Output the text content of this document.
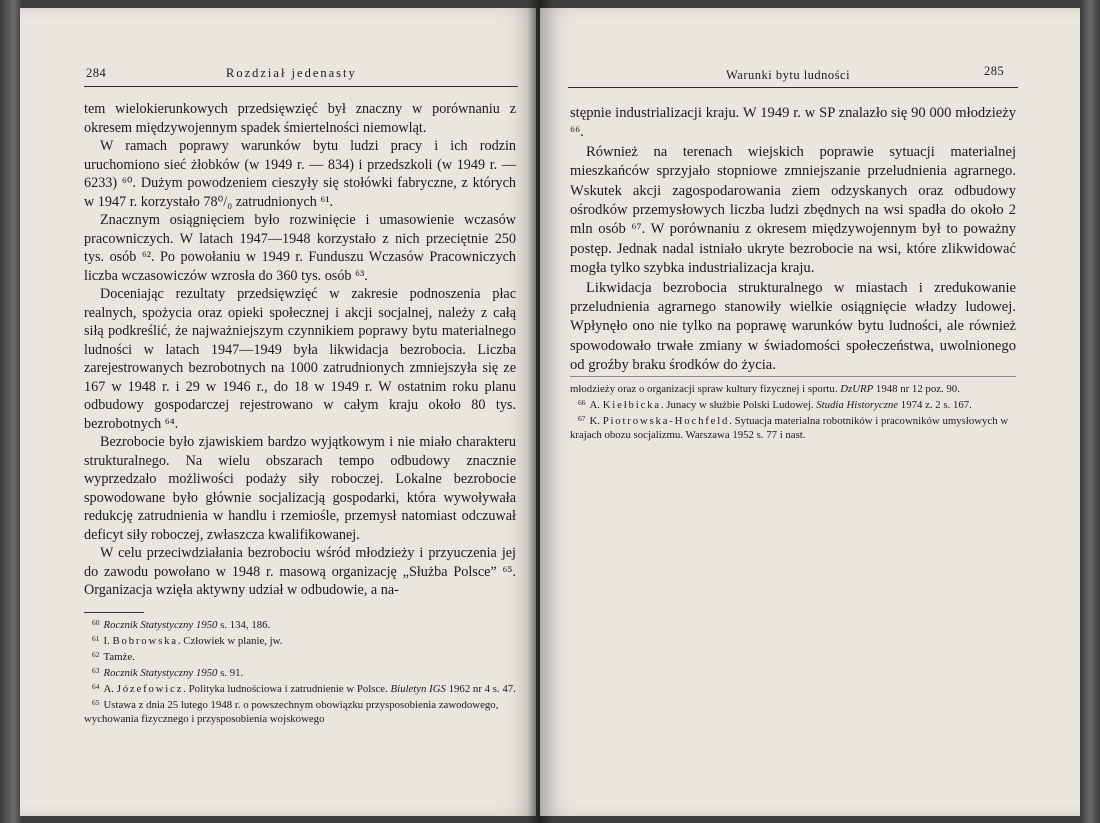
284	Rozdział jedenasty

tem wielokierunkowych przedsięwzięć był znaczny w porównaniu z okresem międzywojennym spadek śmiertelności niemowląt.

W ramach poprawy warunków bytu ludzi pracy i ich rodzin uruchomiono sieć żłobków (w 1949 r. — 834) i przedszkoli (w 1949 r. — 6233) ⁶⁰. Dużym powodzeniem cieszyły się stołówki fabryczne, z których w 1947 r. korzystało 78⁰/₀ zatrudnionych ⁶¹.

Znacznym osiągnięciem było rozwinięcie i umasowienie wczasów pracowniczych. W latach 1947—1948 korzystało z nich przeciętnie 250 tys. osób ⁶². Po powołaniu w 1949 r. Funduszu Wczasów Pracowniczych liczba wczasowiczów wzrosła do 360 tys. osób ⁶³.

Doceniając rezultaty przedsięwzięć w zakresie podnoszenia płac realnych, spożycia oraz opieki społecznej i akcji socjalnej, należy z całą siłą podkreślić, że najważniejszym czynnikiem poprawy bytu materialnego ludności w latach 1947—1949 była likwidacja bezrobocia. Liczba zarejestrowanych bezrobotnych na 1000 zatrudnionych zmniejszyła się ze 167 w 1948 r. i 29 w 1946 r., do 18 w 1949 r. W ostatnim roku planu odbudowy gospodarczej rejestrowano w całym kraju około 80 tys. bezrobotnych ⁶⁴.

Bezrobocie było zjawiskiem bardzo wyjątkowym i nie miało charakteru strukturalnego. Na wielu obszarach tempo odbudowy znacznie wyprzedzało możliwości podaży siły roboczej. Lokalne bezrobocie spowodowane było głównie socjalizacją gospodarki, która wywoływała redukcję zatrudnienia w handlu i rzemiośle, przemysł natomiast odczuwał deficyt siły roboczej, zwłaszcza kwalifikowanej.

W celu przeciwdziałania bezrobociu wśród młodzieży i przyuczenia jej do zawodu powołano w 1948 r. masową organizację „Służba Polsce” ⁶⁵. Organizacja wzięła aktywny udział w odbudowie, a na-

$^{60}$ Rocznik Statystyczny 1950 s. 134, 186.

$^{61}$ I. Bobrowska. Człowiek w planie, jw.

$^{62}$ Tamże.

$^{63}$ Rocznik Statystyczny 1950 s. 91.

$^{64}$ A. Józefowicz. Polityka ludnościowa i zatrudnienie w Polsce. Biuletyn IGS 1962 nr 4 s. 47.

$^{65}$ Ustawa z dnia 25 lutego 1948 r. o powszechnym obowiązku przysposobienia zawodowego, wychowania fizycznego i przysposobienia wojskowego

Warunki bytu ludności	285

stępnie industrializacji kraju. W 1949 r. w SP znalazło się 90 000 młodzieży ⁶⁶.

Również na terenach wiejskich poprawie sytuacji materialnej mieszkańców sprzyjało stopniowe zmniejszanie przeludnienia agrarnego. Wskutek akcji zagospodarowania ziem odzyskanych oraz odbudowy ośrodków przemysłowych liczba ludzi zbędnych na wsi spadła do około 2 mln osób ⁶⁷. W porównaniu z okresem międzywojennym był to poważny postęp. Jednak nadal istniało ukryte bezrobocie na wsi, które zlikwidować mogła tylko szybka industrializacja kraju.

Likwidacja bezrobocia strukturalnego w miastach i zredukowanie przeludnienia agrarnego stanowiły wielkie osiągnięcie władzy ludowej. Wpłynęło ono nie tylko na poprawę warunków bytu ludności, ale również spowodowało trwałe zmiany w świadomości społeczeństwa, uwolnionego od groźby braku środków do życia.

młodzieży oraz o organizacji spraw kultury fizycznej i sportu. DzURP 1948 nr 12 poz. 90.

$^{66}$ A. Kiełbicka. Junacy w służbie Polski Ludowej. Studia Historyczne 1974 z. 2 s. 167.

$^{67}$ K. Piotrowska-Hochfeld. Sytuacja materialna robotników i pracowników umysłowych w krajach obozu socjalizmu. Warszawa 1952 s. 77 i nast.
